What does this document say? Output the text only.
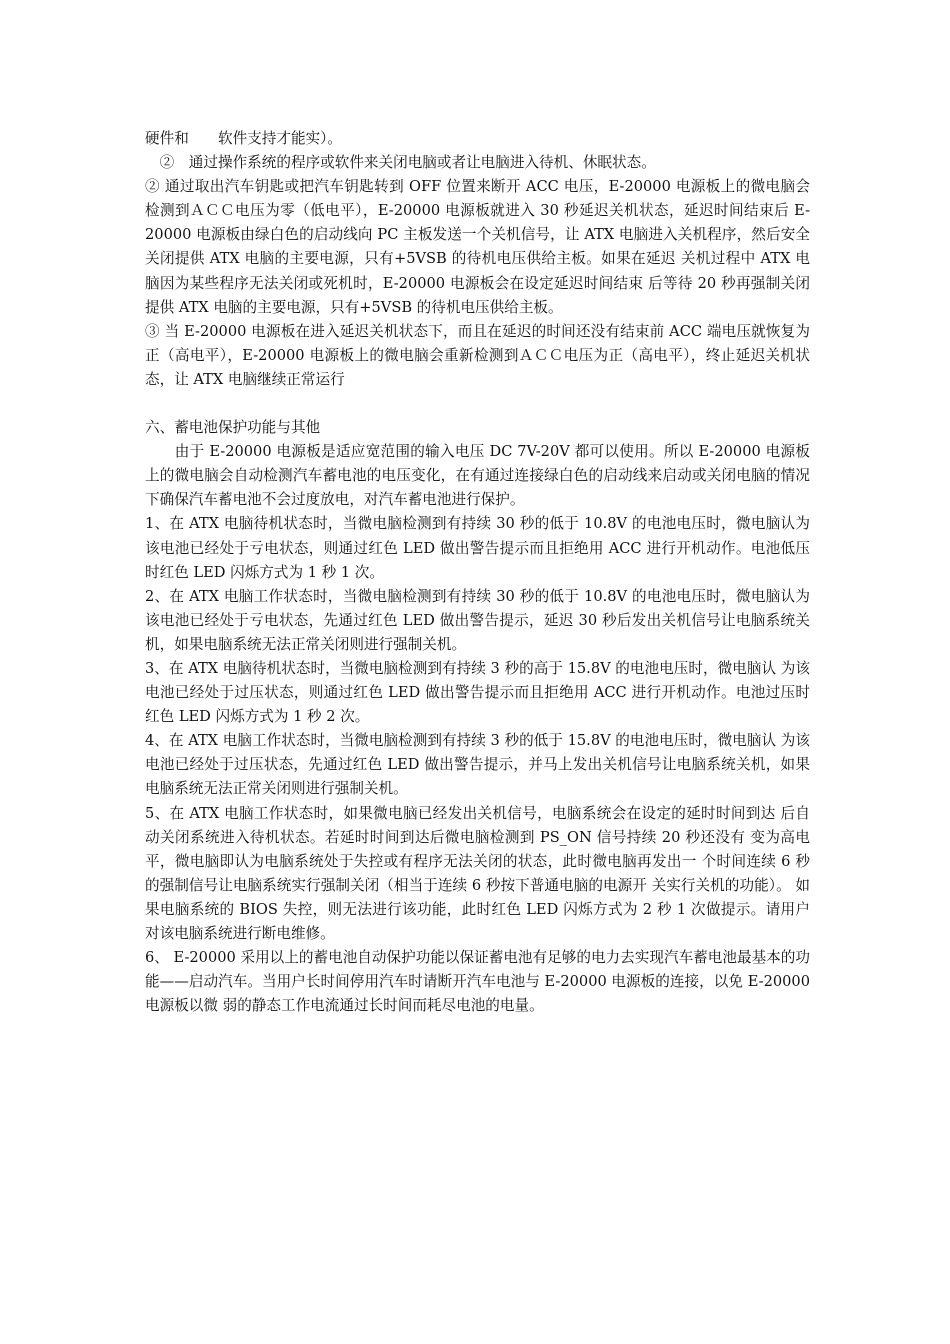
硬件和　　软件支持才能实）。

　②　通过操作系统的程序或软件来关闭电脑或者让电脑进入待机、休眠状态。

② 通过取出汽车钥匙或把汽车钥匙转到 OFF 位置来断开 ACC 电压，E-20000 电源板上的微电脑会检测到ＡＣＣ电压为零（低电平），E-20000 电源板就进入 30 秒延迟关机状态，延迟时间结束后 E-20000 电源板由绿白色的启动线向 PC 主板发送一个关机信号，让 ATX 电脑进入关机程序，然后安全关闭提供 ATX 电脑的主要电源，只有+5VSB 的待机电压供给主板。如果在延迟 关机过程中 ATX 电脑因为某些程序无法关闭或死机时，E-20000 电源板会在设定延迟时间结束 后等待 20 秒再强制关闭提供 ATX 电脑的主要电源，只有+5VSB 的待机电压供给主板。

③ 当 E-20000 电源板在进入延迟关机状态下，而且在延迟的时间还没有结束前 ACC 端电压就恢复为正（高电平），E-20000 电源板上的微电脑会重新检测到ＡＣＣ电压为正（高电平），终止延迟关机状态，让 ATX 电脑继续正常运行

六、蓄电池保护功能与其他

　　由于 E-20000 电源板是适应宽范围的输入电压 DC 7V-20V 都可以使用。所以 E-20000 电源板上的微电脑会自动检测汽车蓄电池的电压变化，在有通过连接绿白色的启动线来启动或关闭电脑的情况下确保汽车蓄电池不会过度放电，对汽车蓄电池进行保护。

1、在 ATX 电脑待机状态时，当微电脑检测到有持续 30 秒的低于 10.8V 的电池电压时，微电脑认为该电池已经处于亏电状态，则通过红色 LED 做出警告提示而且拒绝用 ACC 进行开机动作。电池低压时红色 LED 闪烁方式为 1 秒 1 次。

2、在 ATX 电脑工作状态时，当微电脑检测到有持续 30 秒的低于 10.8V 的电池电压时，微电脑认为该电池已经处于亏电状态，先通过红色 LED 做出警告提示，延迟 30 秒后发出关机信号让电脑系统关机，如果电脑系统无法正常关闭则进行强制关机。

3、在 ATX 电脑待机状态时，当微电脑检测到有持续 3 秒的高于 15.8V 的电池电压时，微电脑认 为该电池已经处于过压状态，则通过红色 LED 做出警告提示而且拒绝用 ACC 进行开机动作。电池过压时红色 LED 闪烁方式为 1 秒 2 次。

4、在 ATX 电脑工作状态时，当微电脑检测到有持续 3 秒的低于 15.8V 的电池电压时，微电脑认 为该电池已经处于过压状态，先通过红色 LED 做出警告提示，并马上发出关机信号让电脑系统关机，如果电脑系统无法正常关闭则进行强制关机。

5、在 ATX 电脑工作状态时，如果微电脑已经发出关机信号，电脑系统会在设定的延时时间到达 后自动关闭系统进入待机状态。若延时时间到达后微电脑检测到 PS_ON 信号持续 20 秒还没有 变为高电平，微电脑即认为电脑系统处于失控或有程序无法关闭的状态，此时微电脑再发出一 个时间连续 6 秒的强制信号让电脑系统实行强制关闭（相当于连续 6 秒按下普通电脑的电源开 关实行关机的功能）。 如果电脑系统的 BIOS 失控，则无法进行该功能，此时红色 LED 闪烁方式为 2 秒 1 次做提示。请用户对该电脑系统进行断电维修。

6、 E-20000 采用以上的蓄电池自动保护功能以保证蓄电池有足够的电力去实现汽车蓄电池最基本的功能——启动汽车。当用户长时间停用汽车时请断开汽车电池与 E-20000 电源板的连接，以免 E-20000 电源板以微 弱的静态工作电流通过长时间而耗尽电池的电量。
